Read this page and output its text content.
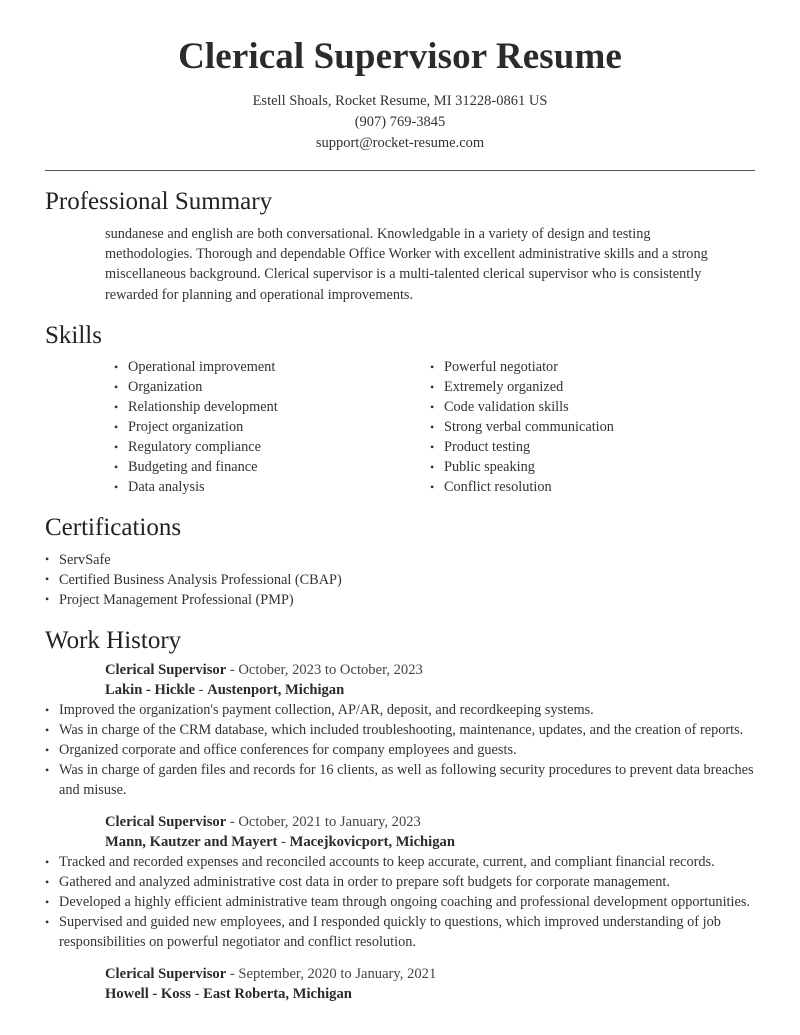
Clerical Supervisor Resume

Estell Shoals, Rocket Resume, MI 31228-0861 US

(907) 769-3845

support@rocket-resume.com

Professional Summary

sundanese and english are both conversational. Knowledgable in a variety of design and testing methodologies. Thorough and dependable Office Worker with excellent administrative skills and a strong miscellaneous background. Clerical supervisor is a multi-talented clerical supervisor who is consistently rewarded for planning and operational improvements.

Skills
• Operational improvement
• Organization
• Relationship development
• Project organization
• Regulatory compliance
• Budgeting and finance
• Data analysis
• Powerful negotiator
• Extremely organized
• Code validation skills
• Strong verbal communication
• Product testing
• Public speaking
• Conflict resolution
Certifications
• ServSafe
• Certified Business Analysis Professional (CBAP)
• Project Management Professional (PMP)
Work History

Clerical Supervisor - October, 2023 to October, 2023

Lakin - Hickle - Austenport, Michigan

• Improved the organization's payment collection, AP/AR, deposit, and recordkeeping systems.
• Was in charge of the CRM database, which included troubleshooting, maintenance, updates, and the creation of reports.
• Organized corporate and office conferences for company employees and guests.
• Was in charge of garden files and records for 16 clients, as well as following security procedures to prevent data breaches and misuse.

Clerical Supervisor - October, 2021 to January, 2023

Mann, Kautzer and Mayert - Macejkovicport, Michigan

• Tracked and recorded expenses and reconciled accounts to keep accurate, current, and compliant financial records.
• Gathered and analyzed administrative cost data in order to prepare soft budgets for corporate management.
• Developed a highly efficient administrative team through ongoing coaching and professional development opportunities.
• Supervised and guided new employees, and I responded quickly to questions, which improved understanding of job responsibilities on powerful negotiator and conflict resolution.

Clerical Supervisor - September, 2020 to January, 2021

Howell - Koss - East Roberta, Michigan
